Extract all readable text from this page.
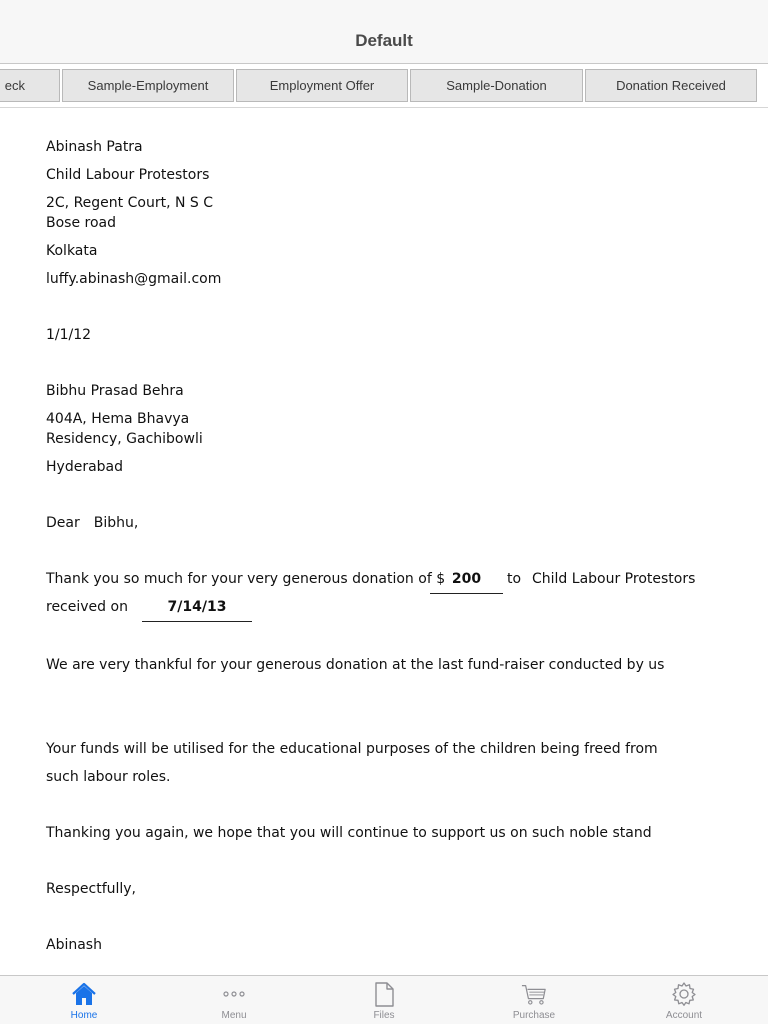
Default
eck	Sample-Employment	Employment Offer	Sample-Donation	Donation Received
Abinash Patra
Child Labour Protestors
2C, Regent Court, N S C Bose road
Kolkata
luffy.abinash@gmail.com
1/1/12
Bibhu Prasad Behra
404A, Hema Bhavya Residency, Gachibowli
Hyderabad
Dear Bibhu,
Thank you so much for your very generous donation of $ 200	to Child Labour Protestors
received on	7/14/13
We are very thankful for your generous donation at the last fund-raiser conducted by us
Your funds will be utilised for the educational purposes of the children being freed from
such labour roles.
Thanking you again, we hope that you will continue to support us on such noble stand
Respectfully,
Abinash
Home	Menu	Files	Purchase	Account
